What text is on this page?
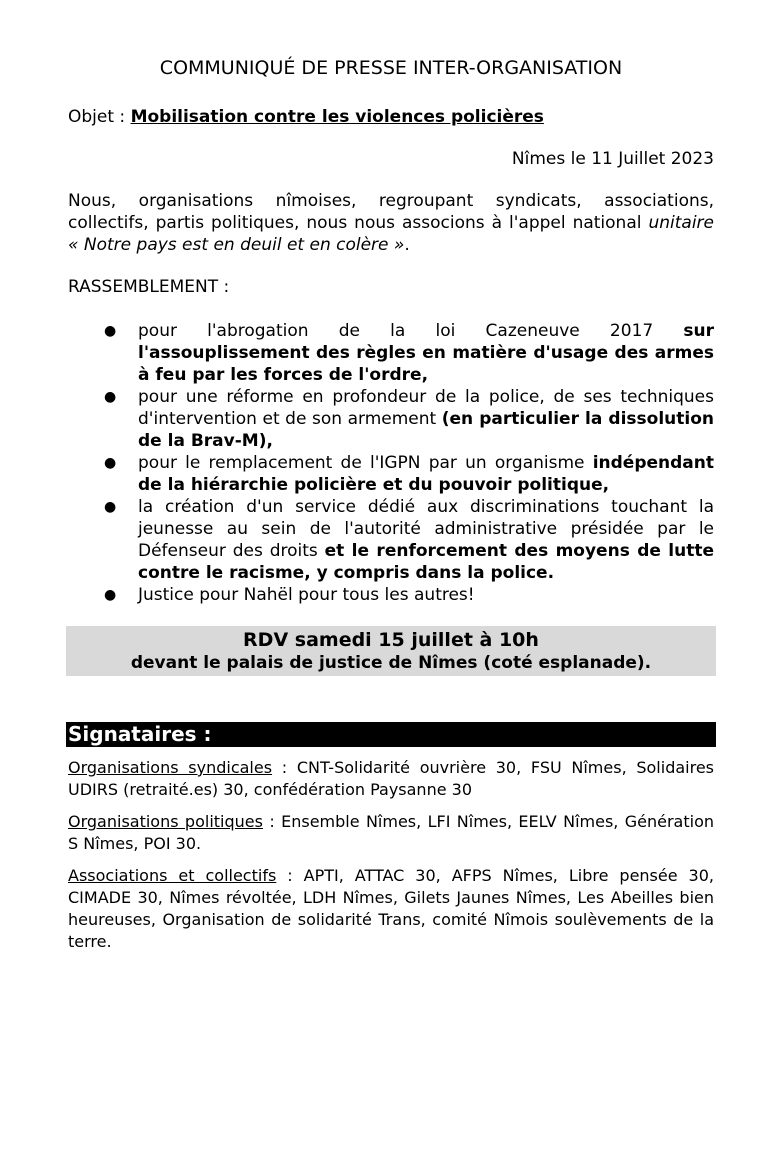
COMMUNIQUÉ DE PRESSE INTER-ORGANISATION

Objet : Mobilisation contre les violences policières

Nîmes le 11 Juillet 2023

Nous, organisations nîmoises, regroupant syndicats, associations, collectifs, partis politiques, nous nous associons à l'appel national unitaire « Notre pays est en deuil et en colère ».

RASSEMBLEMENT :

● pour l'abrogation de la loi Cazeneuve 2017 sur l'assouplissement des règles en matière d'usage des armes à feu par les forces de l'ordre,
● pour une réforme en profondeur de la police, de ses techniques d'intervention et de son armement (en particulier la dissolution de la Brav-M),
● pour le remplacement de l'IGPN par un organisme indépendant de la hiérarchie policière et du pouvoir politique,
● la création d'un service dédié aux discriminations touchant la jeunesse au sein de l'autorité administrative présidée par le Défenseur des droits et le renforcement des moyens de lutte contre le racisme, y compris dans la police.
● Justice pour Nahël pour tous les autres!
RDV samedi 15 juillet à 10h
devant le palais de justice de Nîmes (coté esplanade).
Signataires :

Organisations syndicales : CNT-Solidarité ouvrière 30, FSU Nîmes, Solidaires UDIRS (retraité.es) 30, confédération Paysanne 30

Organisations politiques : Ensemble Nîmes, LFI Nîmes, EELV Nîmes, Génération S Nîmes, POI 30.

Associations et collectifs : APTI, ATTAC 30, AFPS Nîmes, Libre pensée 30, CIMADE 30, Nîmes révoltée, LDH Nîmes, Gilets Jaunes Nîmes, Les Abeilles bien heureuses, Organisation de solidarité Trans, comité Nîmois soulèvements de la terre.
